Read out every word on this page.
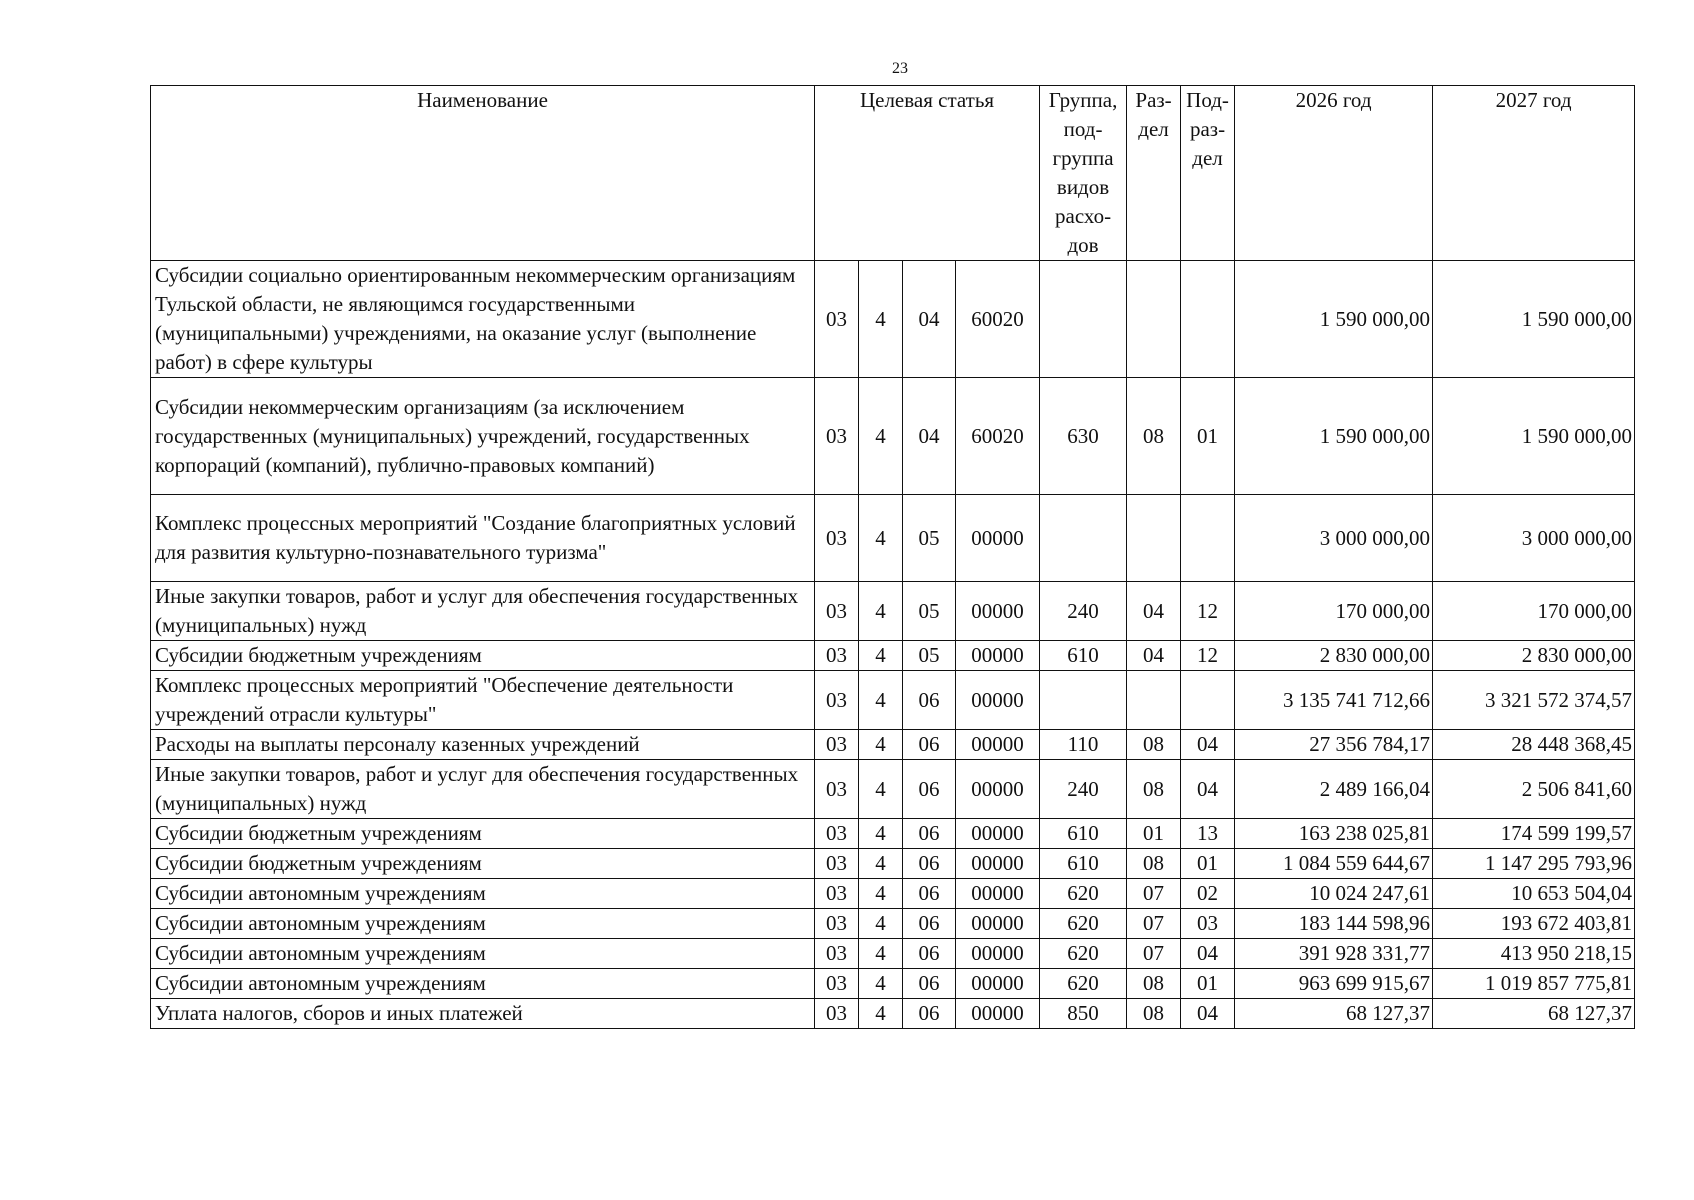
23
Наименование	Целевая статья				Группа, под-группа видов расхо-дов	Раз-дел	Под-раз-дел	2026 год	2027 год
Субсидии социально ориентированным некоммерческим организациям Тульской области, не являющимся государственными (муниципальными) учреждениями, на оказание услуг (выполнение работ) в сфере культуры	03	4	04	60020				1 590 000,00	1 590 000,00
Субсидии некоммерческим организациям (за исключением государственных (муниципальных) учреждений, государственных корпораций (компаний), публично-правовых компаний)	03	4	04	60020	630	08	01	1 590 000,00	1 590 000,00
Комплекс процессных мероприятий "Создание благоприятных условий для развития культурно-познавательного туризма"	03	4	05	00000				3 000 000,00	3 000 000,00
Иные закупки товаров, работ и услуг для обеспечения государственных (муниципальных) нужд	03	4	05	00000	240	04	12	170 000,00	170 000,00
Субсидии бюджетным учреждениям	03	4	05	00000	610	04	12	2 830 000,00	2 830 000,00
Комплекс процессных мероприятий "Обеспечение деятельности учреждений отрасли культуры"	03	4	06	00000				3 135 741 712,66	3 321 572 374,57
Расходы на выплаты персоналу казенных учреждений	03	4	06	00000	110	08	04	27 356 784,17	28 448 368,45
Иные закупки товаров, работ и услуг для обеспечения государственных (муниципальных) нужд	03	4	06	00000	240	08	04	2 489 166,04	2 506 841,60
Субсидии бюджетным учреждениям	03	4	06	00000	610	01	13	163 238 025,81	174 599 199,57
Субсидии бюджетным учреждениям	03	4	06	00000	610	08	01	1 084 559 644,67	1 147 295 793,96
Субсидии автономным учреждениям	03	4	06	00000	620	07	02	10 024 247,61	10 653 504,04
Субсидии автономным учреждениям	03	4	06	00000	620	07	03	183 144 598,96	193 672 403,81
Субсидии автономным учреждениям	03	4	06	00000	620	07	04	391 928 331,77	413 950 218,15
Субсидии автономным учреждениям	03	4	06	00000	620	08	01	963 699 915,67	1 019 857 775,81
Уплата налогов, сборов и иных платежей	03	4	06	00000	850	08	04	68 127,37	68 127,37
